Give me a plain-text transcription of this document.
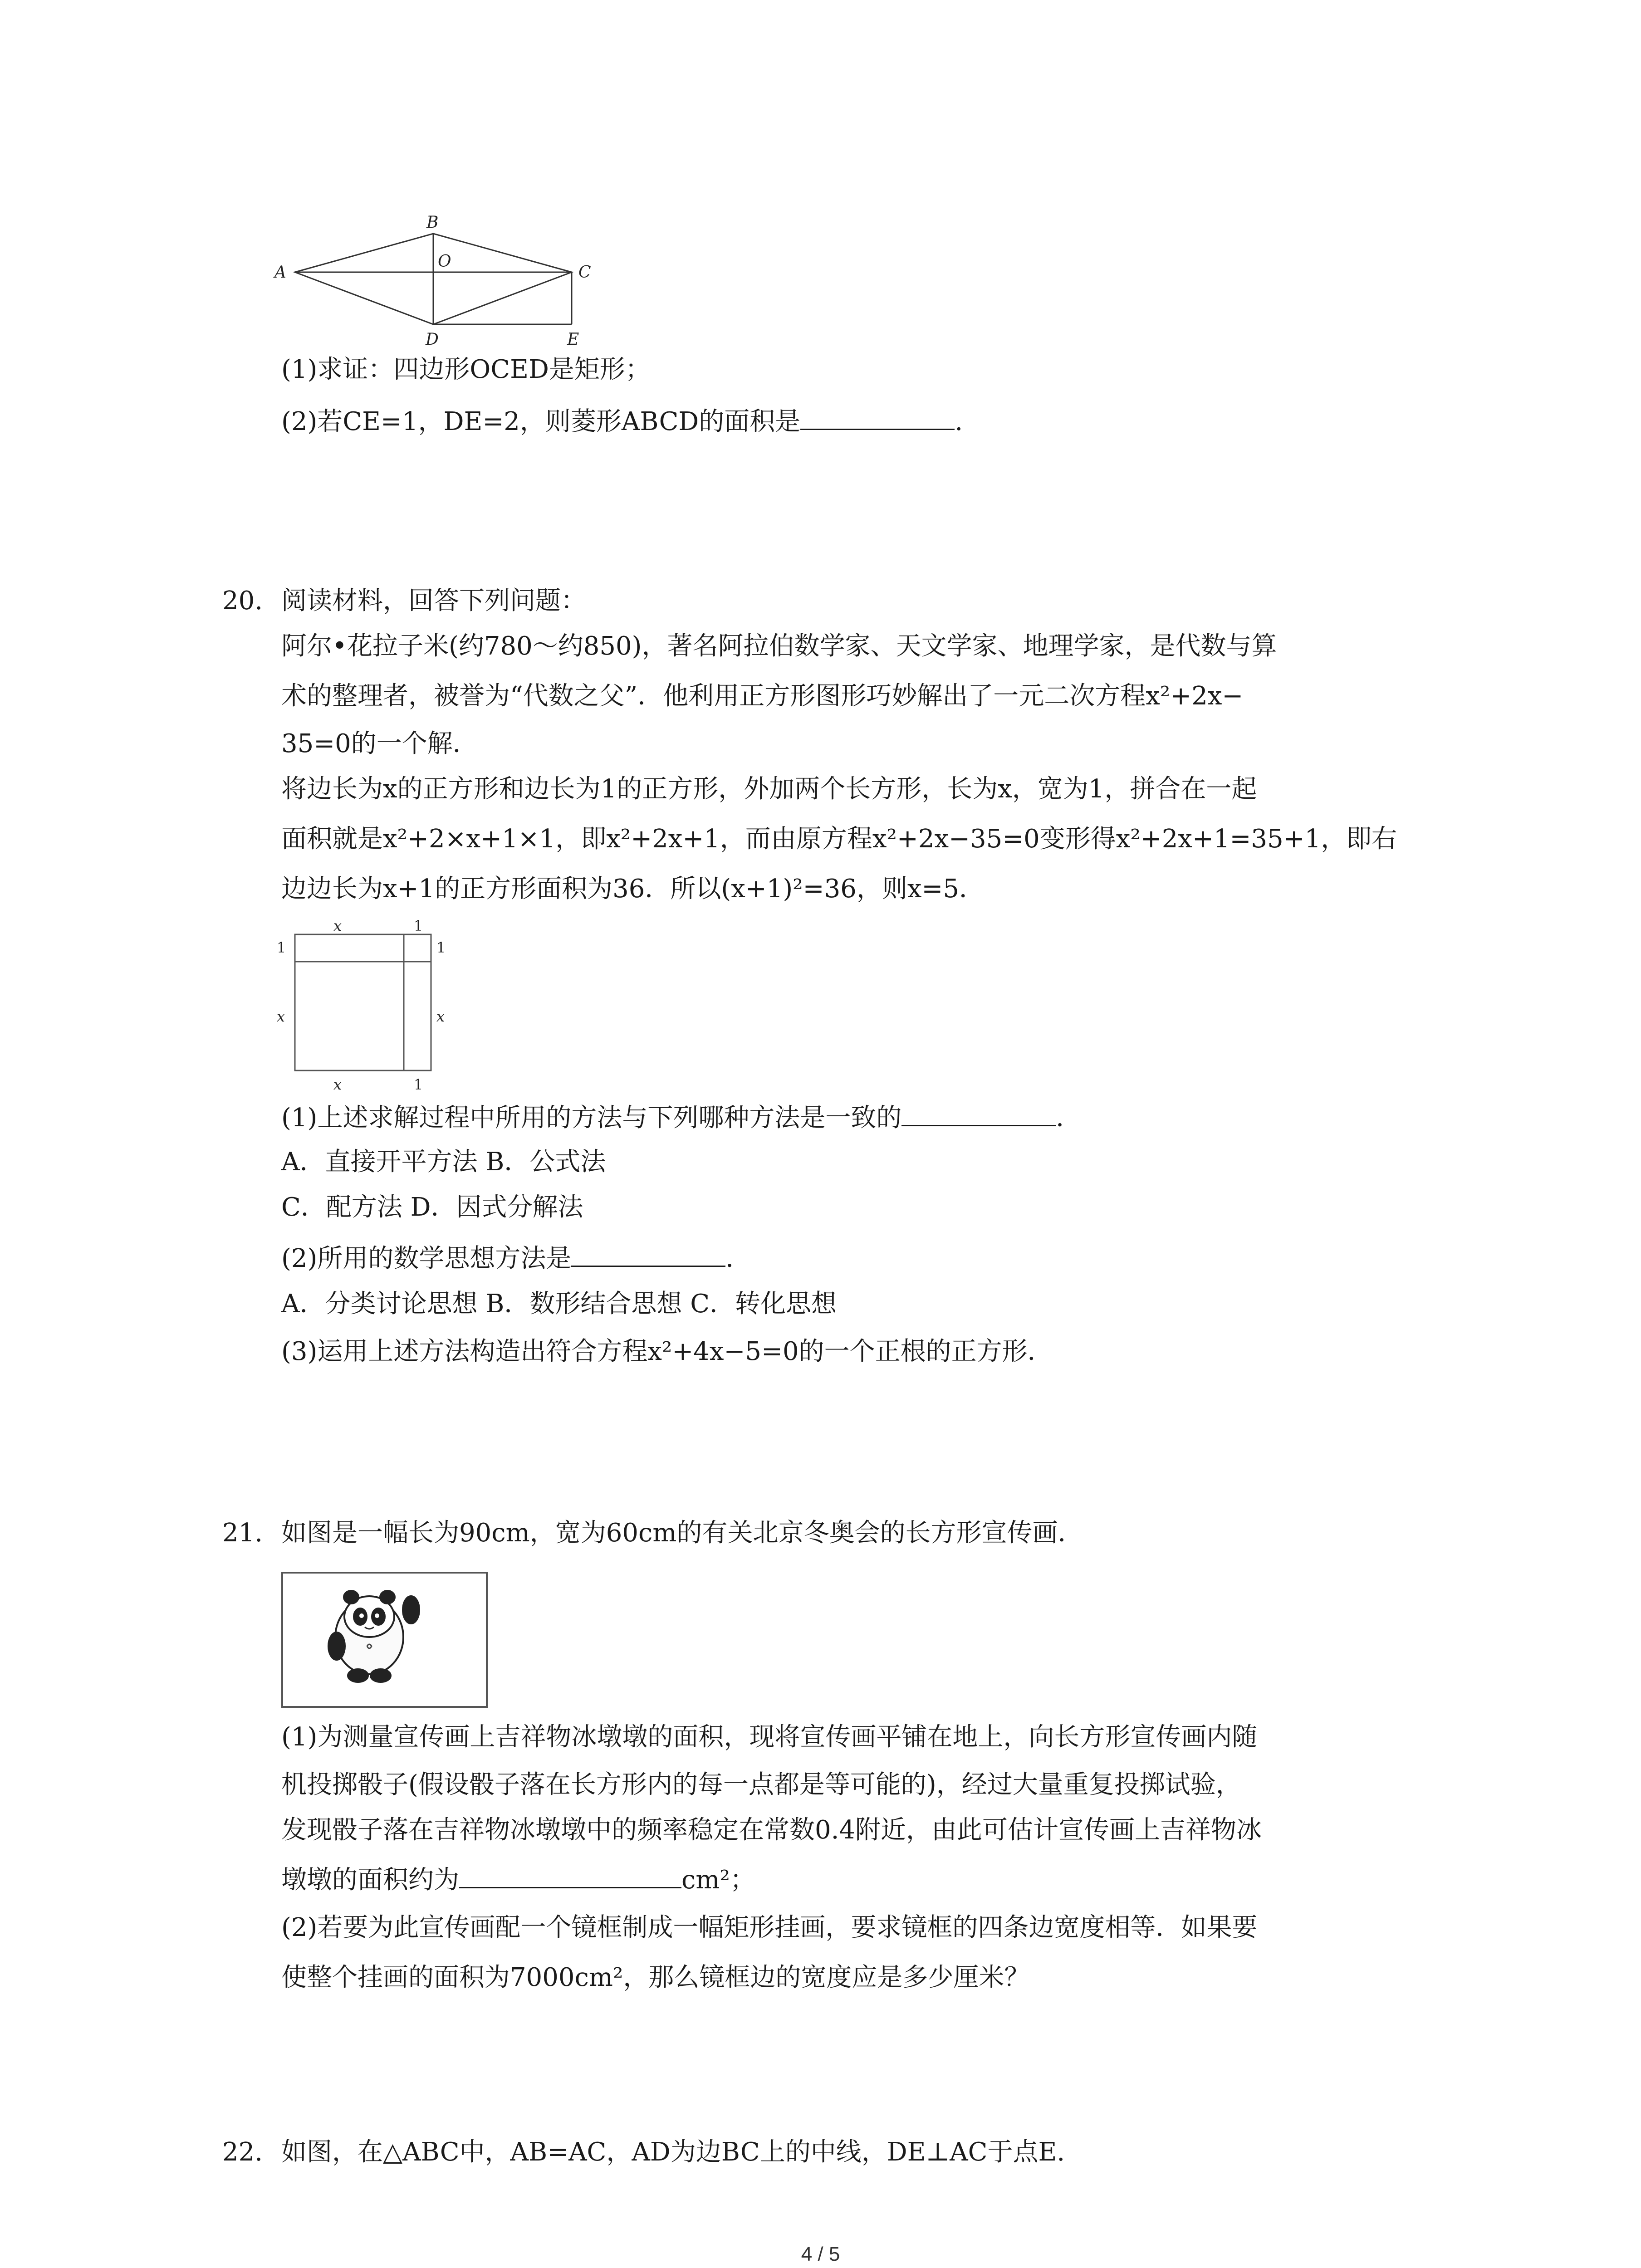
A
B
C
D	E
O

(1)求证：四边形OCED是矩形；

(2)若CE=1，DE=2，则菱形ABCD的面积是	.

20. 阅读材料，回答下列问题：

阿尔•花拉子米(约780～约850)，著名阿拉伯数学家、天文学家、地理学家，是代数与算

术的整理者，被誉为“代数之父”．他利用正方形图形巧妙解出了一元二次方程x²+2x−

35=0的一个解．

将边长为x的正方形和边长为1的正方形，外加两个长方形，长为x，宽为1，拼合在一起

面积就是x²+2×x+1×1，即x²+2x+1，而由原方程x²+2x−35=0变形得x²+2x+1=35+1，即右

边边长为x+1的正方形面积为36．所以(x+1)²=36，则x=5．

x	1
1	1
x	x
x	1

(1)上述求解过程中所用的方法与下列哪种方法是一致的	．

A．直接开平方法 B．公式法

C．配方法 D．因式分解法

(2)所用的数学思想方法是	．

A．分类讨论思想 B．数形结合思想 C．转化思想

(3)运用上述方法构造出符合方程x²+4x−5=0的一个正根的正方形．

21. 如图是一幅长为90cm，宽为60cm的有关北京冬奥会的长方形宣传画．

(1)为测量宣传画上吉祥物冰墩墩的面积，现将宣传画平铺在地上，向长方形宣传画内随

机投掷骰子(假设骰子落在长方形内的每一点都是等可能的)，经过大量重复投掷试验，

发现骰子落在吉祥物冰墩墩中的频率稳定在常数0.4附近，由此可估计宣传画上吉祥物冰

墩墩的面积约为	cm²；

(2)若要为此宣传画配一个镜框制成一幅矩形挂画，要求镜框的四条边宽度相等．如果要

使整个挂画的面积为7000cm²，那么镜框边的宽度应是多少厘米？

22. 如图，在△ABC中，AB=AC，AD为边BC上的中线，DE⊥AC于点E.

4 / 5
